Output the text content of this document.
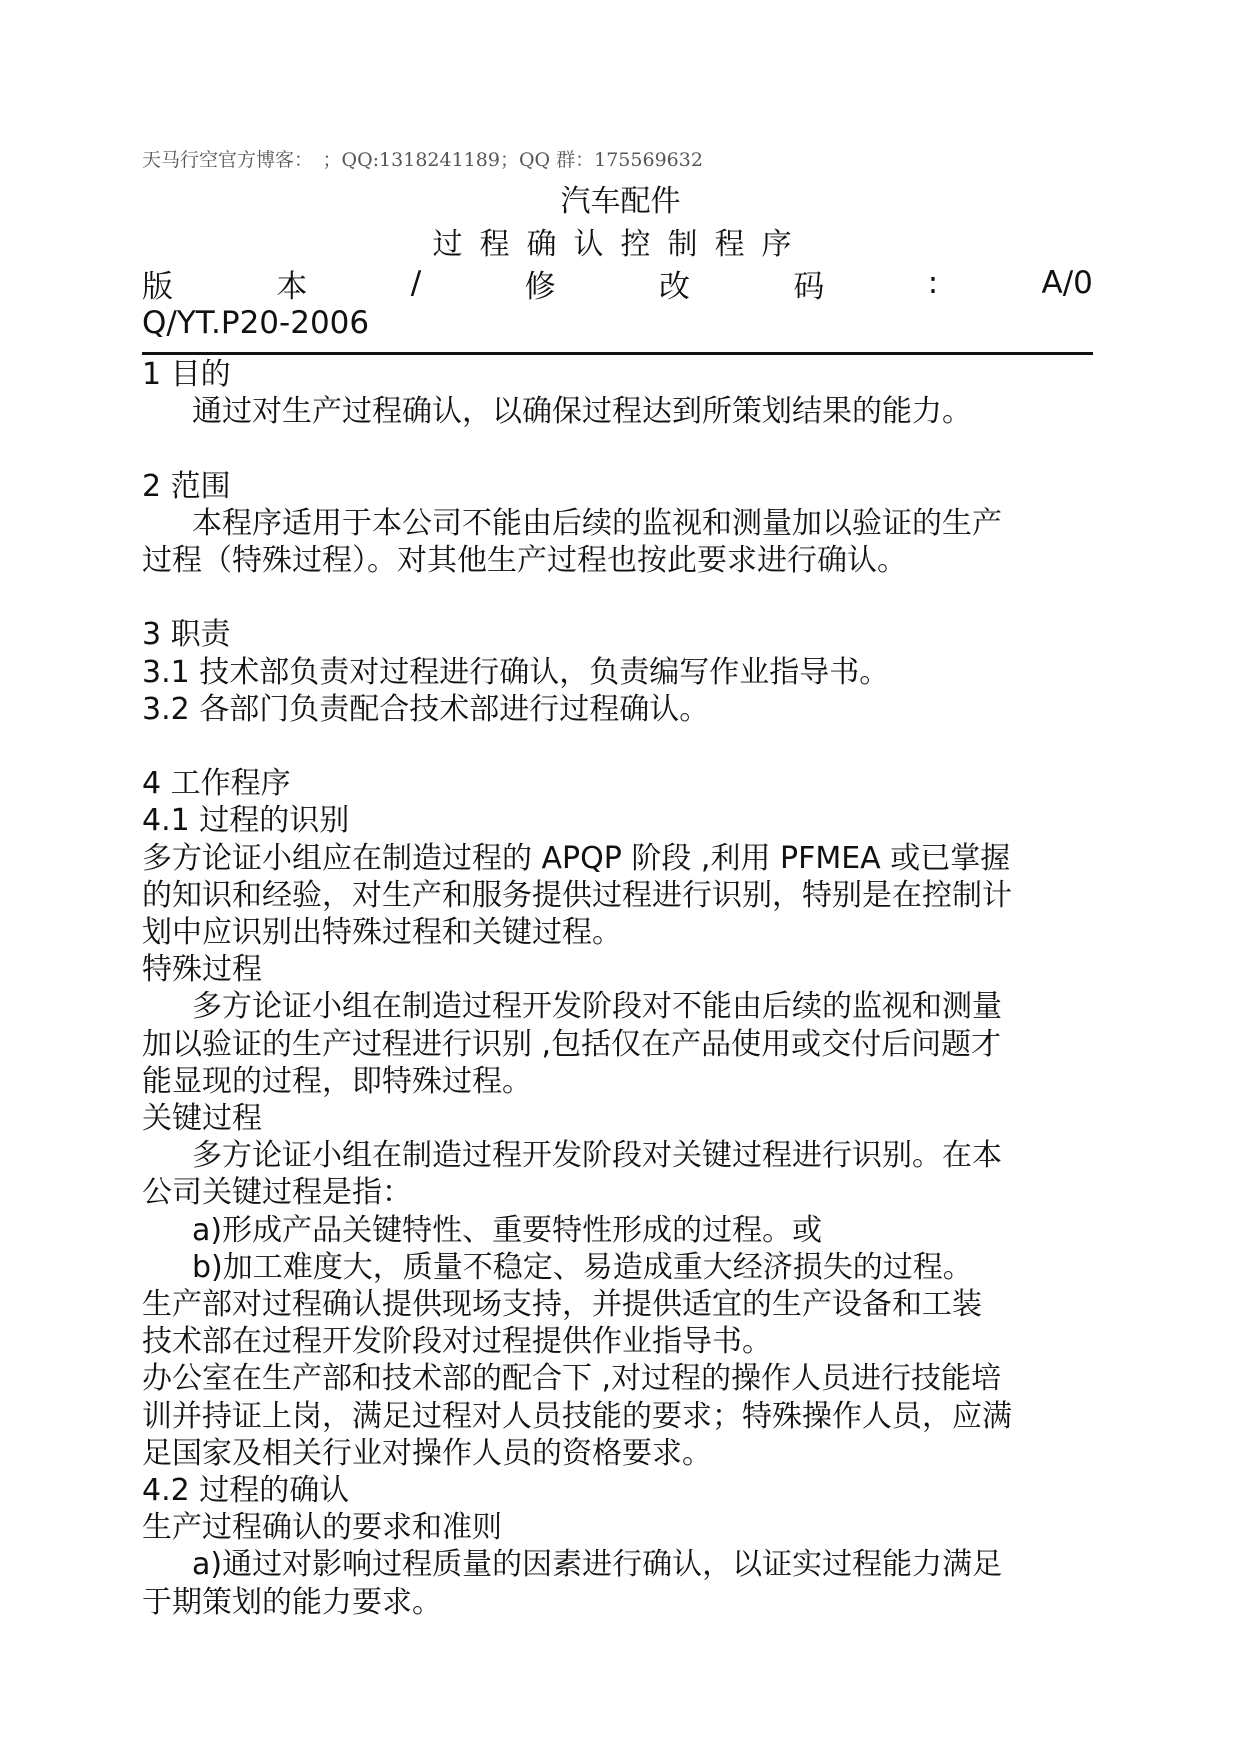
天马行空官方博客：　；QQ:1318241189；QQ 群：175569632
汽车配件
过程确认控制程序
版	本	/	修	改	码	:	A/0
Q/YT.P20-2006

1 目的

通过对生产过程确认，以确保过程达到所策划结果的能力。

2 范围

本程序适用于本公司不能由后续的监视和测量加以验证的生产

过程（特殊过程）。对其他生产过程也按此要求进行确认。

3 职责

3.1 技术部负责对过程进行确认，负责编写作业指导书。

3.2 各部门负责配合技术部进行过程确认。

4 工作程序

4.1 过程的识别

多方论证小组应在制造过程的 APQP 阶段 ,利用 PFMEA 或已掌握

的知识和经验，对生产和服务提供过程进行识别，特别是在控制计

划中应识别出特殊过程和关键过程。

特殊过程

多方论证小组在制造过程开发阶段对不能由后续的监视和测量

加以验证的生产过程进行识别 ,包括仅在产品使用或交付后问题才

能显现的过程，即特殊过程。

关键过程

多方论证小组在制造过程开发阶段对关键过程进行识别。在本

公司关键过程是指：

a)形成产品关键特性、重要特性形成的过程。或

b)加工难度大，质量不稳定、易造成重大经济损失的过程。

生产部对过程确认提供现场支持，并提供适宜的生产设备和工装

技术部在过程开发阶段对过程提供作业指导书。

办公室在生产部和技术部的配合下 ,对过程的操作人员进行技能培

训并持证上岗，满足过程对人员技能的要求；特殊操作人员，应满

足国家及相关行业对操作人员的资格要求。

4.2 过程的确认

生产过程确认的要求和准则

a)通过对影响过程质量的因素进行确认，以证实过程能力满足

于期策划的能力要求。
